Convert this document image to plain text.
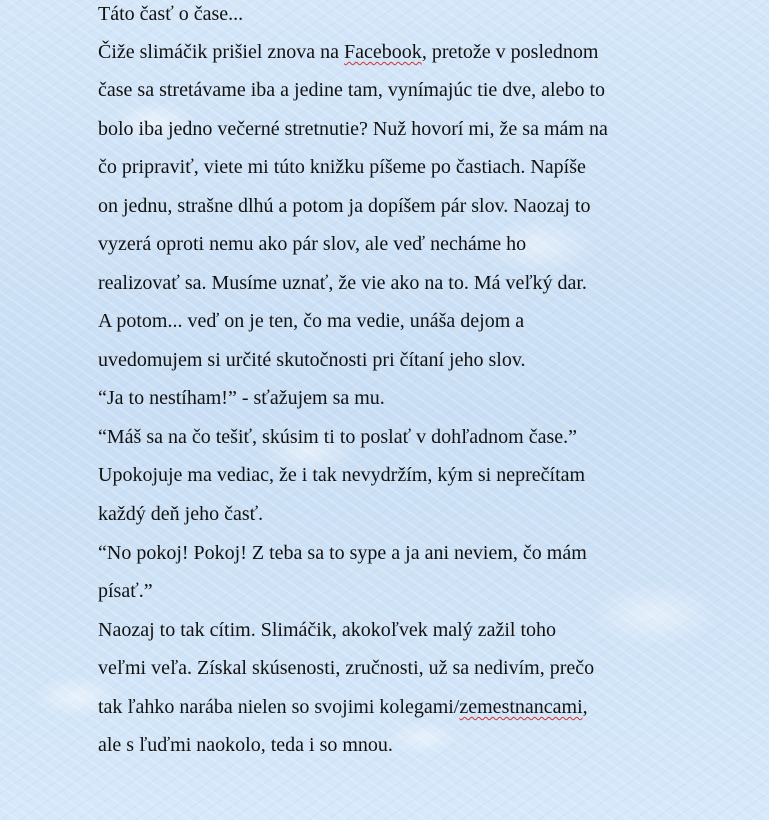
Táto časť o čase...
Čiže slimáčik prišiel znova na Facebook, pretože v poslednom
čase sa stretávame iba a jedine tam, vynímajúc tie dve, alebo to
bolo iba jedno večerné stretnutie? Nuž hovorí mi, že sa mám na
čo pripraviť, viete mi túto knižku píšeme po častiach. Napíše
on jednu, strašne dlhú a potom ja dopíšem pár slov. Naozaj to
vyzerá oproti nemu ako pár slov, ale veď necháme ho
realizovať sa. Musíme uznať, že vie ako na to. Má veľký dar.
A potom... veď on je ten, čo ma vedie, unáša dejom a
uvedomujem si určité skutočnosti pri čítaní jeho slov.
“Ja to nestíham!” - sťažujem sa mu.
“Máš sa na čo tešiť, skúsim ti to poslať v dohľadnom čase.”
Upokojuje ma vediac, že i tak nevydržím, kým si neprečítam
každý deň jeho časť.
“No pokoj! Pokoj! Z teba sa to sype a ja ani neviem, čo mám
písať.”
Naozaj to tak cítim. Slimáčik, akokoľvek malý zažil toho
veľmi veľa. Získal skúsenosti, zručnosti, už sa nedivím, prečo
tak ľahko narába nielen so svojimi kolegami/zemestnancami,
ale s ľuďmi naokolo, teda i so mnou.
